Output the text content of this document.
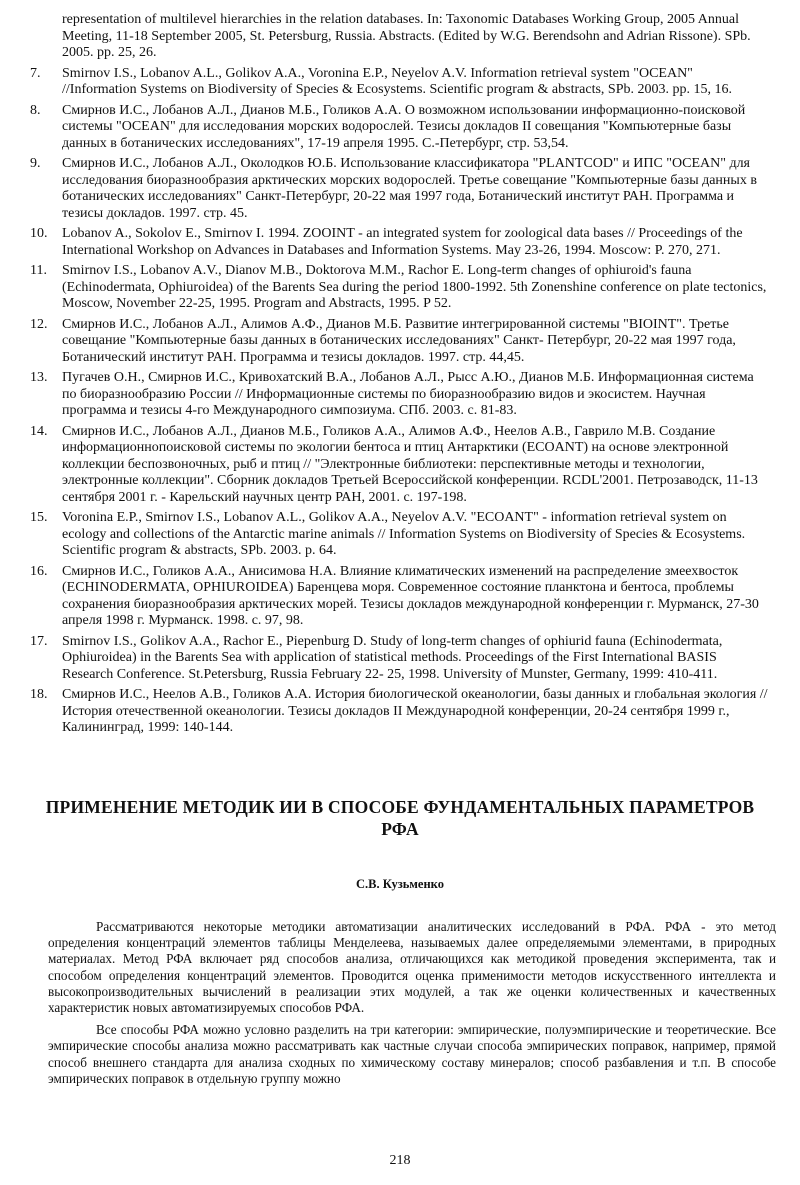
representation of multilevel hierarchies in the relation databases. In: Taxonomic Databases Working Group, 2005 Annual Meeting, 11-18 September 2005, St. Petersburg, Russia. Abstracts. (Edited by W.G. Berendsohn and Adrian Rissone). SPb. 2005. pp. 25, 26.
7.	Smirnov I.S., Lobanov A.L., Golikov A.A., Voronina E.P., Neyelov A.V. Information retrieval system "OCEAN" //Information Systems on Biodiversity of Species & Ecosystems. Scientific program & abstracts, SPb. 2003. pp. 15, 16.
8.	Смирнов И.С., Лобанов А.Л., Дианов М.Б., Голиков А.А. О возможном использовании информационно-поисковой системы "OCEAN" для исследования морских водорослей. Тезисы докладов II совещания "Компьютерные базы данных в ботанических исследованиях", 17-19 апреля 1995. С.-Петербург, стр. 53,54.
9.	Смирнов И.С., Лобанов А.Л., Околодков Ю.Б. Использование классификатора "PLANTCOD" и ИПС "OCEAN" для исследования биоразнообразия арктических морских водорослей. Третье совещание "Компьютерные базы данных в ботанических исследованиях" Санкт-Петербург, 20-22 мая 1997 года, Ботанический институт РАН. Программа и тезисы докладов. 1997. стр. 45.
10.	Lobanov A., Sokolov E., Smirnov I. 1994. ZOOINT - an integrated system for zoological data bases // Proceedings of the International Workshop on Advances in Databases and Information Systems. May 23-26, 1994. Moscow: P. 270, 271.
11.	Smirnov I.S., Lobanov A.V., Dianov M.B., Doktorova M.M., Rachor E. Long-term changes of ophiuroid's fauna (Echinodermata, Ophiuroidea) of the Barents Sea during the period 1800-1992. 5th Zonenshine conference on plate tectonics, Moscow, November 22-25, 1995. Program and Abstracts, 1995. P 52.
12.	Смирнов И.С., Лобанов А.Л., Алимов А.Ф., Дианов М.Б. Развитие интегрированной системы "BIOINT". Третье совещание "Компьютерные базы данных в ботанических исследованиях" Санкт- Петербург, 20-22 мая 1997 года, Ботанический институт РАН. Программа и тезисы докладов. 1997. стр. 44,45.
13.	Пугачев О.Н., Смирнов И.С., Кривохатский В.А., Лобанов А.Л., Рысс А.Ю., Дианов М.Б. Информационная система по биоразнообразию России // Информационные системы по биоразнообразию видов и экосистем. Научная программа и тезисы 4-го Международного симпозиума. СПб. 2003. с. 81-83.
14.	Смирнов И.С., Лобанов А.Л., Дианов М.Б., Голиков А.А., Алимов А.Ф., Неелов А.В., Гаврило М.В. Создание информационнопоисковой системы по экологии бентоса и птиц Антарктики (ECOANT) на основе электронной коллекции беспозвоночных, рыб и птиц // "Электронные библиотеки: перспективные методы и технологии, электронные коллекции". Сборник докладов Третьей Всероссийской конференции. RCDL'2001. Петрозаводск, 11-13 сентября 2001 г. - Карельский научных центр РАН, 2001. с. 197-198.
15.	Voronina E.P., Smirnov I.S., Lobanov A.L., Golikov A.A., Neyelov A.V. "ECOANT" - information retrieval system on ecology and collections of the Antarctic marine animals // Information Systems on Biodiversity of Species & Ecosystems. Scientific program & abstracts, SPb. 2003. p. 64.
16.	Смирнов И.С., Голиков А.А., Анисимова Н.А. Влияние климатических изменений на распределение змеехвосток (ECHINODERMATA, OPHIUROIDEA) Баренцева моря. Современное состояние планктона и бентоса, проблемы сохранения биоразнообразия арктических морей. Тезисы докладов международной конференции г. Мурманск, 27-30 апреля 1998 г. Мурманск. 1998. с. 97, 98.
17.	Smirnov I.S., Golikov A.A., Rachor E., Piepenburg D. Study of long-term changes of ophiurid fauna (Echinodermata, Ophiuroidea) in the Barents Sea with application of statistical methods. Proceedings of the First International BASIS Research Conference. St.Petersburg, Russia February 22- 25, 1998. University of Munster, Germany, 1999: 410-411.
18.	Смирнов И.С., Неелов А.В., Голиков А.А. История биологической океанологии, базы данных и глобальная экология // История отечественной океанологии. Тезисы докладов II Международной конференции, 20-24 сентября 1999 г., Калининград, 1999: 140-144.
ПРИМЕНЕНИЕ МЕТОДИК ИИ В СПОСОБЕ ФУНДАМЕНТАЛЬНЫХ ПАРАМЕТРОВ РФА
С.В. Кузьменко

Рассматриваются некоторые методики автоматизации аналитических исследований в РФА. РФА - это метод определения концентраций элементов таблицы Менделеева, называемых далее определяемыми элементами, в природных материалах. Метод РФА включает ряд способов анализа, отличающихся как методикой проведения эксперимента, так и способом определения концентраций элементов. Проводится оценка применимости методов искусственного интеллекта и высокопроизводительных вычислений в реализации этих модулей, а так же оценки количественных и качественных характеристик новых автоматизируемых способов РФА.

Все способы РФА можно условно разделить на три категории: эмпирические, полуэмпирические и теоретические. Все эмпирические способы анализа можно рассматривать как частные случаи способа эмпирических поправок, например, прямой способ внешнего стандарта для анализа сходных по химическому составу минералов; способ разбавления и т.п. В способе эмпирических поправок в отдельную группу можно

218
